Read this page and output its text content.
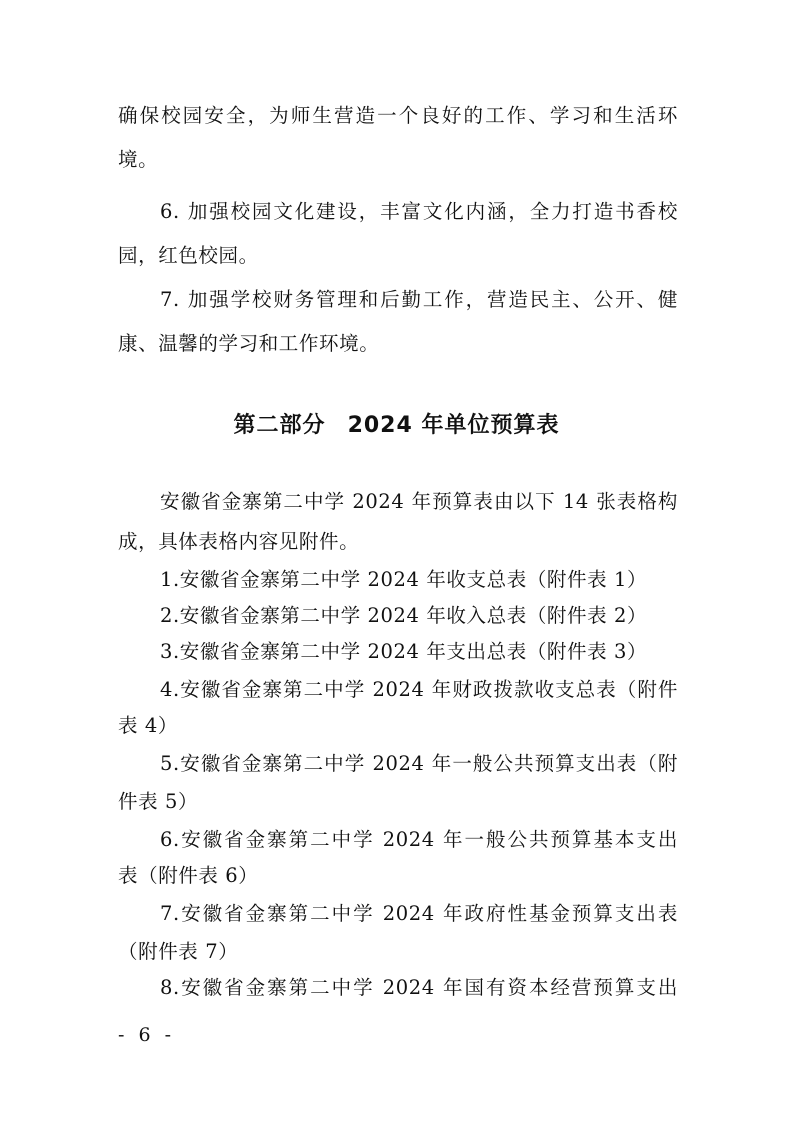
确保校园安全，为师生营造一个良好的工作、学习和生活环
境。
6. 加强校园文化建设，丰富文化内涵，全力打造书香校
园，红色校园。
7. 加强学校财务管理和后勤工作，营造民主、公开、健
康、温馨的学习和工作环境。
第二部分 2024 年单位预算表
安徽省金寨第二中学 2024 年预算表由以下 14 张表格构
成，具体表格内容见附件。
1.安徽省金寨第二中学 2024 年收支总表（附件表 1）
2.安徽省金寨第二中学 2024 年收入总表（附件表 2）
3.安徽省金寨第二中学 2024 年支出总表（附件表 3）
4.安徽省金寨第二中学 2024 年财政拨款收支总表（附件
表 4）
5.安徽省金寨第二中学 2024 年一般公共预算支出表（附
件表 5）
6.安徽省金寨第二中学 2024 年一般公共预算基本支出
表（附件表 6）
7.安徽省金寨第二中学 2024 年政府性基金预算支出表
（附件表 7）
8.安徽省金寨第二中学 2024 年国有资本经营预算支出
- 6 -
